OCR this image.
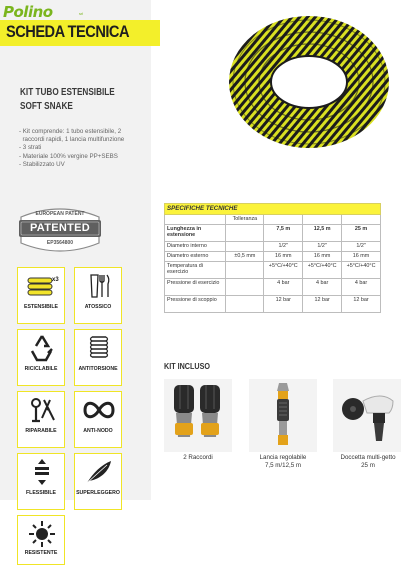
Polino	srl
SCHEDA TECNICA
KIT TUBO ESTENSIBILE
SOFT SNAKE
- Kit comprende: 1 tubo estensibile, 2
raccordi rapidi, 1 lancia multifunzione
- 3 strati
- Materiale 100% vergine PP+SEBS
- Stabilizzato UV
EUROPEAN PATENT
PATENTED
EP3564800
x3
ESTENSIBILE	ATOSSICO
RICICLABILE	ANTITORSIONE
RIPARABILE	ANTI-NODO
FLESSIBILE	SUPERLEGGERO
RESISTENTE
SPECIFICHE TECNICHE				
	Tolleranza			
Lunghezza in estensione		7,5 m	12,5 m	25 m
Diametro interno		1/2"	1/2"	1/2"
Diametro esterno	±0,5 mm	16 mm	16 mm	16 mm
Temperatura di esercizio		+5°C/+40°C	+5°C/+40°C	+5°C/+40°C
Pressione di esercizio		4 bar	4 bar	4 bar
Pressione di scoppio		12 bar	12 bar	12 bar
KIT INCLUSO
2 Raccordi	Lancia regolabile
7,5 m/12,5 m
Doccetta multi-getto
25 m
